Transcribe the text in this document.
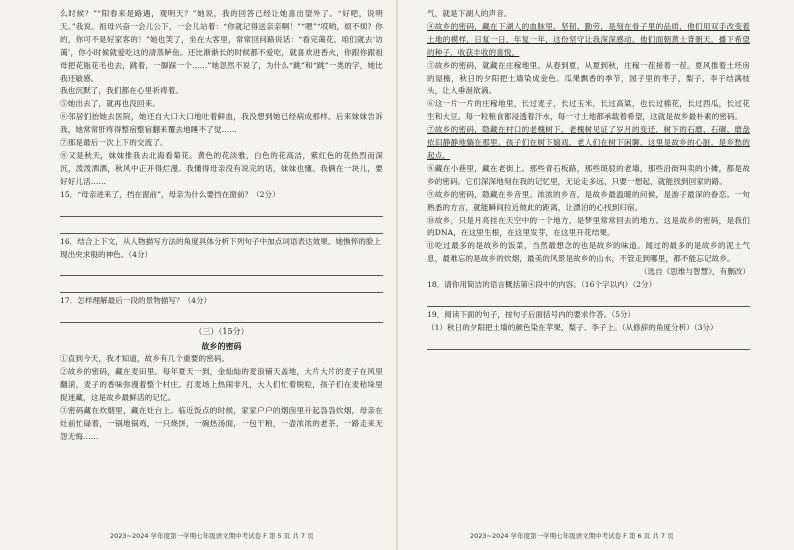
么时候？”“阳春来是路遇，观明天？”她说，我的回答已经让她喜出望外了。“好吧，说明天。”我说。祖母兴奋一会儿公下，一会儿站着：“你就记得送亲亲啊！”“嗯”“哎哟，烦不烦？你的，你可不是好家客的！”她也笑了，坐在大客里，常常回问路说话：“看完蔼花，咱们就去‘访蔼’，你小时候就爱吃这的清蒸鲈鱼。还比渐渐长的时候都不爱吃，就喜欢进香火，你跟你跟祖母把花瓶花毛也去，跳着，一脚踩一个……”她忽然不说了，为什么“跳”和“跳”一类的字，她比我还敏感。

我也沉默了，我们都在心里祈祷着。

⑤她出去了，就再也没回来。

⑥邻居们抬她去医院，她还自大口大口地吐着鲜血，我没想到她已经病成那样。后来妹妹告诉我，她常常肝疼得整宿整宿翻来覆去地睡不了觉……

⑦那是最后一次上下的交流了。

⑧又是秋天，妹妹推我去北海看菊花。黄色的花淡雅，白色的花高洁，紫红色的花热烈而深沉，泼泼洒洒，秋风中正开得烂漫。我懂得母亲没有说完的话，妹妹也懂。我俩在一块儿，要好好儿活……

15．“母亲进来了，挡在窗前”，母亲为什么要挡在窗前？（2分）
16．结合上下文，从人物描写方法的角度具体分析下列句子中加点词语表达效果。她憔悴的脸上现出央求般的神色。（4分）
17．怎样理解最后一段的景物描写？（4分）
（三）（15分）
故乡的密码

①直到今天，我才知道，故乡有几个重要的密码。

②故乡的密码，藏在麦田里。每年夏天一到，金灿灿的麦浪铺天盖地，大片大片的麦子在风里翻滚，麦子的香味弥漫着整个村庄。打麦场上热闹非凡，大人们忙着脱粒，孩子们在麦秸垛里捉迷藏，这是故乡最鲜活的记忆。

③密码藏在炊烟里，藏在灶台上。临近饭点的时候，家家户户的烟囱里升起袅袅炊烟，母亲在灶前忙碌着，一锅地锅鸡，一只烧饼，一碗热汤面，一包干粮，一壶浓浓的老茶，一路走来无怨无悔……

2023~2024 学年度第一学期七年级语文期中考试卷 F 第 5 页 共 7 页

气，就是下湖人的声音。

④故乡的密码，藏在下湖人的血脉里。坚韧、勤劳，是刻在骨子里的品质，他们用双手改变着土地的模样，日复一日，年复一年，这份坚守让我深深感动。他们面朝黄土背朝天，播下希望的种子，收获丰收的喜悦。

⑤故乡的密码，就藏在庄稼地里。从春到夏，从夏到秋，庄稼一茬接着一茬。夏风推着土坯房的屋檐，秋日的夕阳把土墙染成金色。瓜果飘香的季节，园子里的枣子、梨子、李子结满枝头，让人垂涎欲滴。

⑥这一片一片的庄稼地里，长过麦子，长过玉米，长过高粱，也长过棉花，长过西瓜，长过花生和大豆。每一粒粮食都浸透着汗水，每一寸土地都承载着希望，这就是故乡最朴素的密码。

⑦故乡的密码，隐藏在村口的老槐树下。老槐树见证了岁月的变迁，树下的石磨、石碾、磨盘依旧静静地躺在那里。孩子们在树下嬉戏，老人们在树下闲聊，这里是故乡的心脏，是乡愁的起点。

⑧藏在小巷里，藏在老街上。那些青石板路，那些斑驳的老墙，那些沿街叫卖的小摊，都是故乡的密码。它们深深地刻在我的记忆里，无论走多远，只要一想起，就能找到回家的路。

⑨故乡的密码，隐藏在乡音里。浓浓的乡音，是故乡最温暖的问候，是游子最深的眷恋。一句熟悉的方言，就能瞬间拉近彼此的距离，让漂泊的心找到归宿。

⑩故乡，只是月亮挂在天空中的一个地方，是梦里常常回去的地方。这是故乡的密码，是我们的DNA，在这里生根，在这里发芽，在这里开花结果。

⑪吃过最多的是故乡的饭菜，当然最想念的也是故乡的味道。闻过的最多的是故乡的泥土气息，最难忘的是故乡的炊烟，最美的风景是故乡的山水，不管走到哪里，都不能忘记故乡。

（选自《思维与智慧》，有删改）
18．请你用简洁的语言概括第④段中的内容。（16个字以内）（2分）
19．阅读下面的句子，按句子后面括号内的要求作答。（5分）
（1）秋日的夕阳把土墙的颜色染在苹果、梨子、李子上。（从修辞的角度分析）（3分）
2023~2024 学年度第一学期七年级语文期中考试卷 F 第 6 页 共 7 页
